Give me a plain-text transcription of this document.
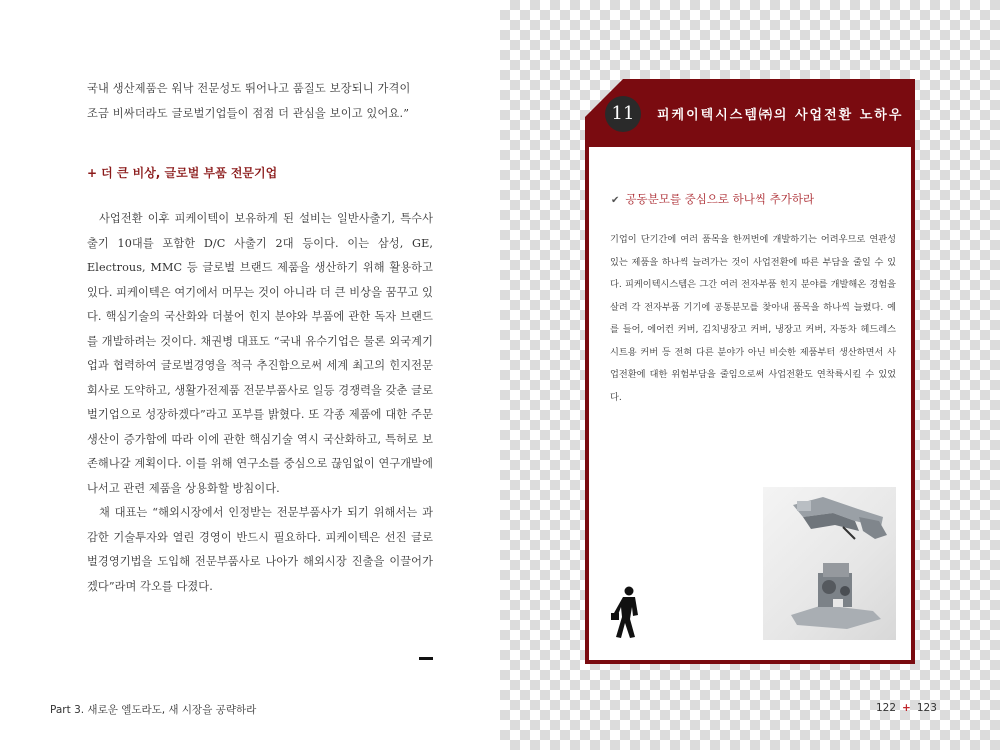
국내 생산제품은 워낙 전문성도 뛰어나고 품질도 보장되니 가격이
조금 비싸더라도 글로벌기업들이 점점 더 관심을 보이고 있어요.”

+ 더 큰 비상, 글로벌 부품 전문기업

사업전환 이후 피케이텍이 보유하게 된 설비는 일반사출기, 특수사출기 10대를 포함한 D/C 사출기 2대 등이다. 이는 삼성, GE, Electrous, MMC 등 글로벌 브랜드 제품을 생산하기 위해 활용하고 있다. 피케이텍은 여기에서 머무는 것이 아니라 더 큰 비상을 꿈꾸고 있다. 핵심기술의 국산화와 더불어 힌지 분야와 부품에 관한 독자 브랜드를 개발하려는 것이다. 채권병 대표도 “국내 유수기업은 물론 외국계기업과 협력하여 글로벌경영을 적극 추진함으로써 세계 최고의 힌지전문회사로 도약하고, 생활가전제품 전문부품사로 일등 경쟁력을 갖춘 글로벌기업으로 성장하겠다”라고 포부를 밝혔다. 또 각종 제품에 대한 주문생산이 증가함에 따라 이에 관한 핵심기술 역시 국산화하고, 특허로 보존해나갈 계획이다. 이를 위해 연구소를 중심으로 끊임없이 연구개발에 나서고 관련 제품을 상용화할 방침이다.

채 대표는 “해외시장에서 인정받는 전문부품사가 되기 위해서는 과감한 기술투자와 열린 경영이 반드시 필요하다. 피케이텍은 선진 글로벌경영기법을 도입해 전문부품사로 나아가 해외시장 진출을 이끌어가겠다”라며 각오를 다졌다.

Part 3. 새로운 엘도라도, 새 시장을 공략하라
11	피케이텍시스템㈜의 사업전환 노하우
✔ 공동분모를 중심으로 하나씩 추가하라
기업이 단기간에 여러 품목을 한꺼번에 개발하기는 어려우므로 연관성 있는 제품을 하나씩 늘려가는 것이 사업전환에 따른 부담을 줄일 수 있다. 피케이텍시스템은 그간 여러 전자부품 힌지 분야를 개발해온 경험을 살려 각 전자부품 기기에 공통분모를 찾아내 품목을 하나씩 늘렸다. 예를 들어, 에어컨 커버, 김치냉장고 커버, 냉장고 커버, 자동차 헤드레스 시트용 커버 등 전혀 다른 분야가 아닌 비슷한 제품부터 생산하면서 사업전환에 대한 위험부담을 줄임으로써 사업전환도 연착륙시킬 수 있었다.
122 + 123
